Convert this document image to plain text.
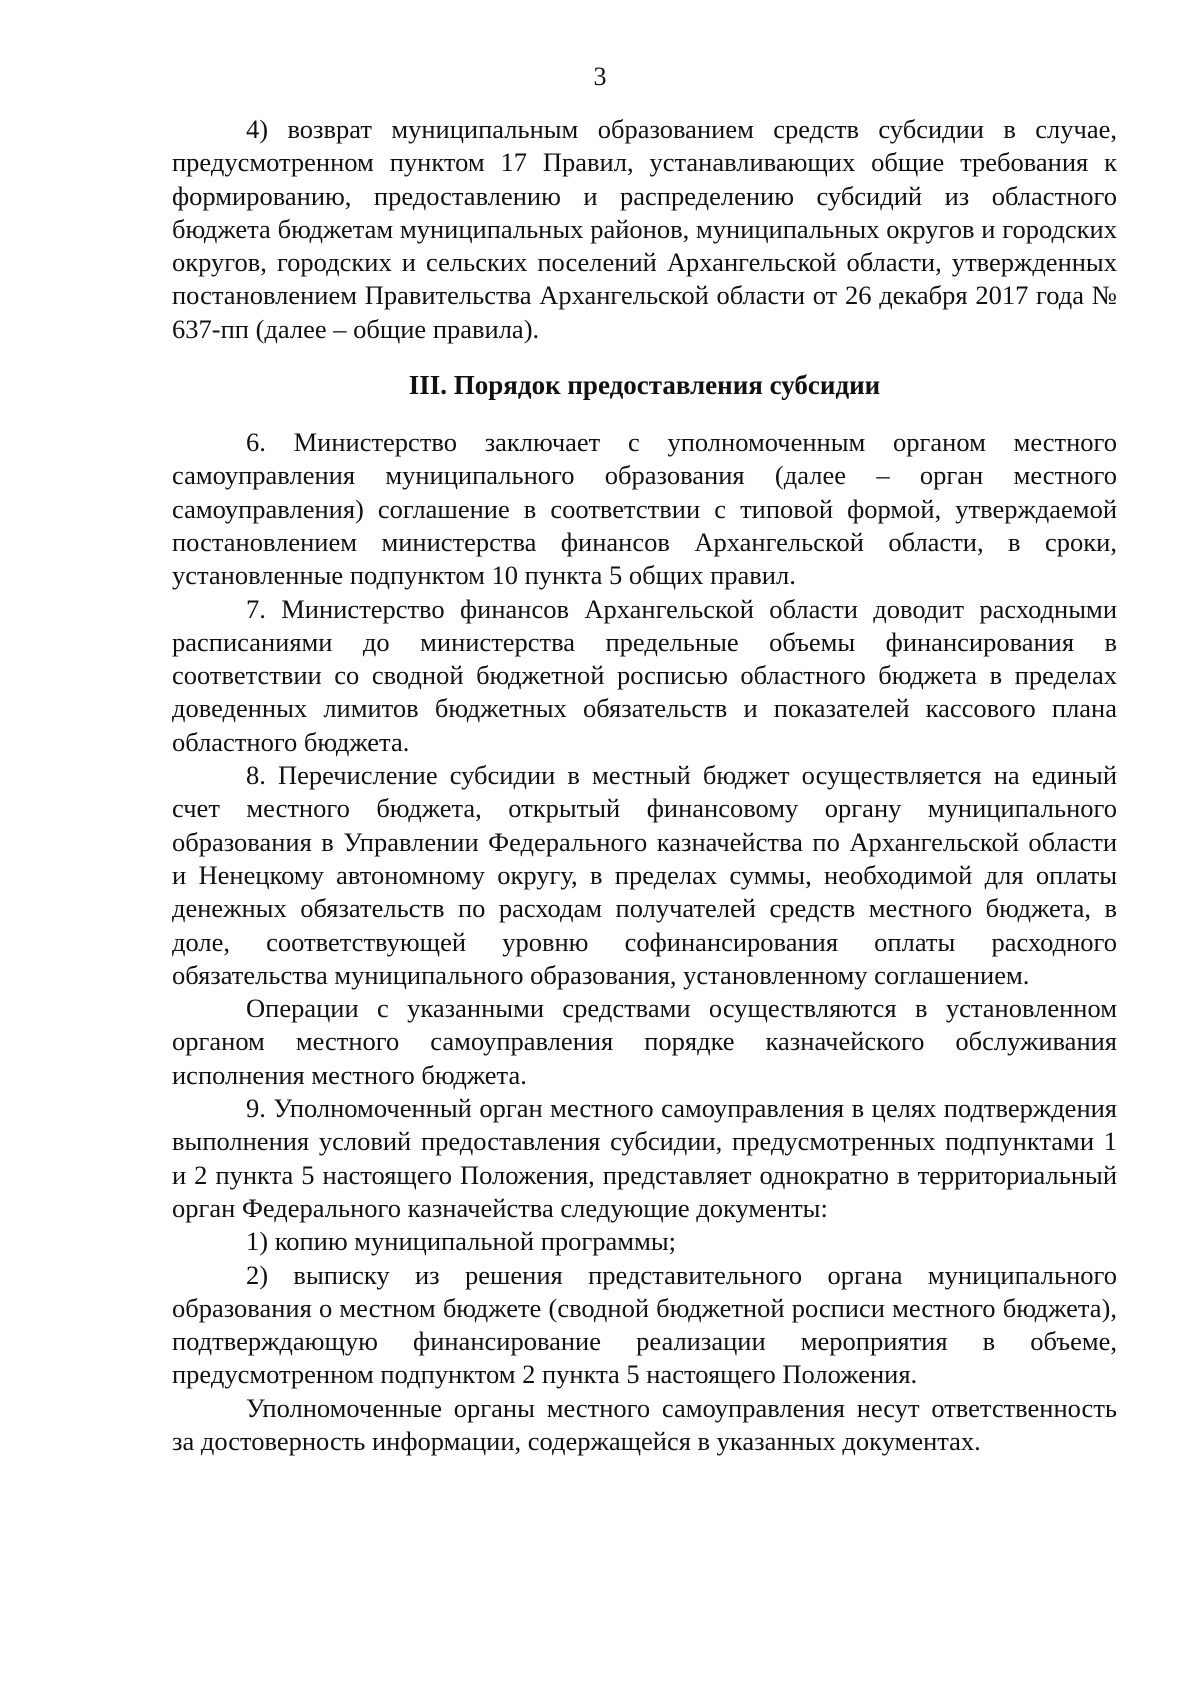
3

4) возврат муниципальным образованием средств субсидии в случае, предусмотренном пунктом 17 Правил, устанавливающих общие требования к формированию, предоставлению и распределению субсидий из областного бюджета бюджетам муниципальных районов, муниципальных округов и городских округов, городских и сельских поселений Архангельской области, утвержденных постановлением Правительства Архангельской области от 26 декабря 2017 года № 637-пп (далее – общие правила).

III. Порядок предоставления субсидии

6. Министерство заключает с уполномоченным органом местного самоуправления муниципального образования (далее – орган местного самоуправления) соглашение в соответствии с типовой формой, утверждаемой постановлением министерства финансов Архангельской области, в сроки, установленные подпунктом 10 пункта 5 общих правил.

7. Министерство финансов Архангельской области доводит расходными расписаниями до министерства предельные объемы финансирования в соответствии со сводной бюджетной росписью областного бюджета в пределах доведенных лимитов бюджетных обязательств и показателей кассового плана областного бюджета.

8. Перечисление субсидии в местный бюджет осуществляется на единый счет местного бюджета, открытый финансовому органу муниципального образования в Управлении Федерального казначейства по Архангельской области и Ненецкому автономному округу, в пределах суммы, необходимой для оплаты денежных обязательств по расходам получателей средств местного бюджета, в доле, соответствующей уровню софинансирования оплаты расходного обязательства муниципального образования, установленному соглашением.

Операции с указанными средствами осуществляются в установленном органом местного самоуправления порядке казначейского обслуживания исполнения местного бюджета.

9. Уполномоченный орган местного самоуправления в целях подтверждения выполнения условий предоставления субсидии, предусмотренных подпунктами 1 и 2 пункта 5 настоящего Положения, представляет однократно в территориальный орган Федерального казначейства следующие документы:

1) копию муниципальной программы;

2) выписку из решения представительного органа муниципального образования о местном бюджете (сводной бюджетной росписи местного бюджета), подтверждающую финансирование реализации мероприятия в объеме, предусмотренном подпунктом 2 пункта 5 настоящего Положения.

Уполномоченные органы местного самоуправления несут ответственность за достоверность информации, содержащейся в указанных документах.
